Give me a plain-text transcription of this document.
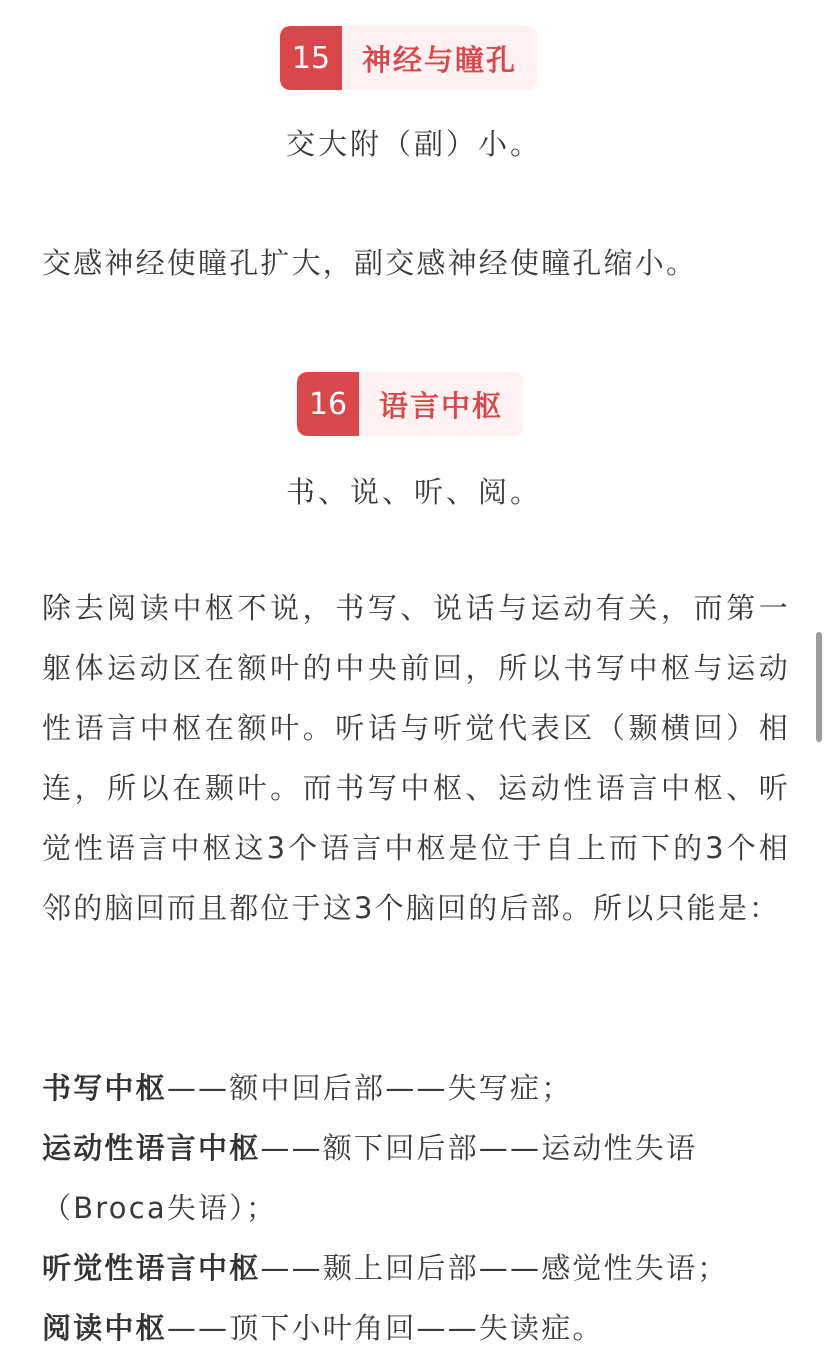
15	神经与瞳孔
交大附（副）小。
交感神经使瞳孔扩大，副交感神经使瞳孔缩小。
16	语言中枢
书、说、听、阅。
除去阅读中枢不说，书写、说话与运动有关，而第一躯体运动区在额叶的中央前回，所以书写中枢与运动性语言中枢在额叶。听话与听觉代表区（颞横回）相连，所以在颞叶。而书写中枢、运动性语言中枢、听觉性语言中枢这3个语言中枢是位于自上而下的3个相邻的脑回而且都位于这3个脑回的后部。所以只能是：
书写中枢——额中回后部——失写症；
运动性语言中枢——额下回后部——运动性失语（Broca失语）；
听觉性语言中枢——颞上回后部——感觉性失语；
阅读中枢——顶下小叶角回——失读症。
